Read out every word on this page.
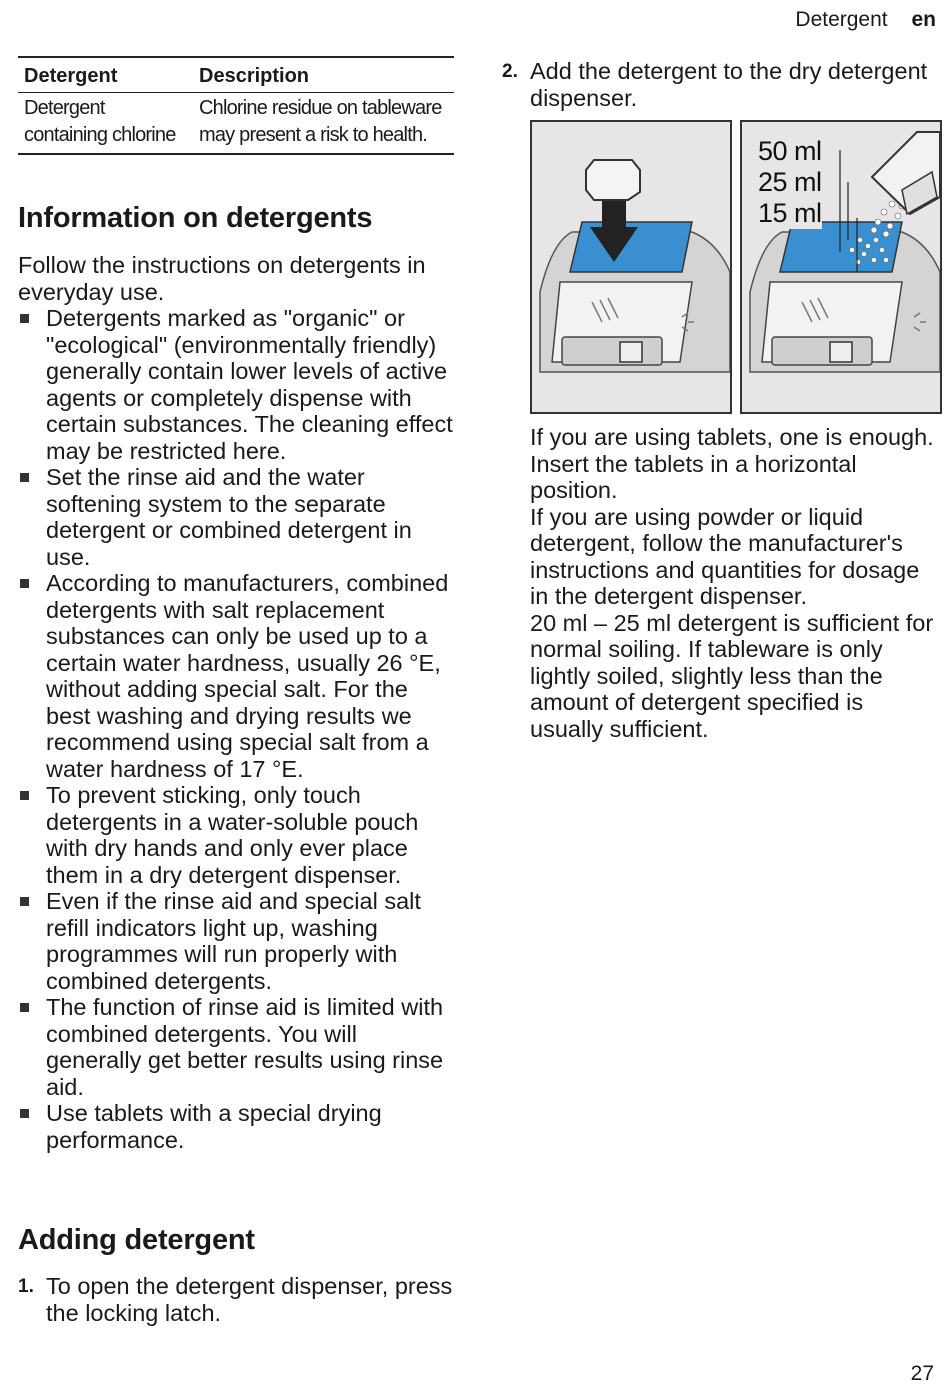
Detergent en
Detergent	Description
Detergent containing chlorine	Chlorine residue on tableware may present a risk to health.
Information on detergents

Follow the instructions on detergents in everyday use.

Detergents marked as "organic" or "ecological" (environmentally friendly) generally contain lower levels of active agents or completely dispense with certain substances. The cleaning effect may be restricted here.
Set the rinse aid and the water softening system to the separate detergent or combined detergent in use.
According to manufacturers, combined detergents with salt replacement substances can only be used up to a certain water hardness, usually 26 °E, without adding special salt. For the best washing and drying results we recommend using special salt from a water hardness of 17 °E.
To prevent sticking, only touch detergents in a water-soluble pouch with dry hands and only ever place them in a dry detergent dispenser.
Even if the rinse aid and special salt refill indicators light up, washing programmes will run properly with combined detergents.
The function of rinse aid is limited with combined detergents. You will generally get better results using rinse aid.
Use tablets with a special drying performance.
Adding detergent
1. To open the detergent dispenser, press the locking latch.
2. Add the detergent to the dry detergent dispenser.
50 ml
25 ml
15 ml

If you are using tablets, one is enough. Insert the tablets in a horizontal position.

If you are using powder or liquid detergent, follow the manufacturer's instructions and quantities for dosage in the detergent dispenser.

20 ml – 25 ml detergent is sufficient for normal soiling. If tableware is only lightly soiled, slightly less than the amount of detergent specified is usually sufficient.

27
